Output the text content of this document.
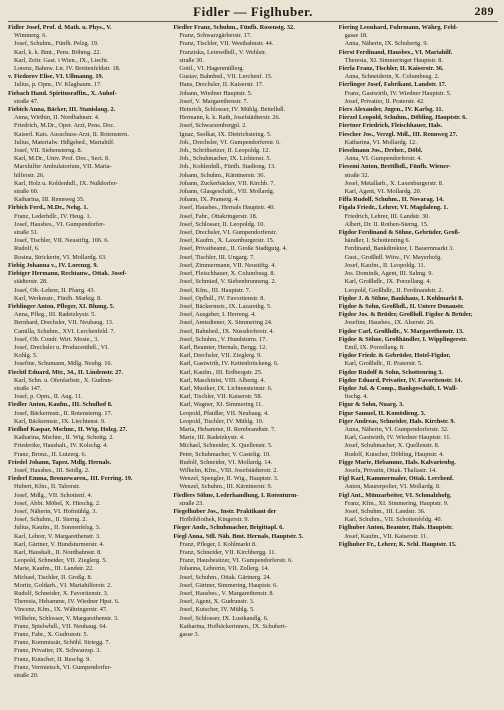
Fidler — Figlhuber.	289
Fidler Josef, Prof. d. Math. u. Phys., V.
Wimmerg. 6.
Josef, Schuhm., Fünfh. Pelzg. 19.
Karl, k. k. Bmt., Pens. Böhmg. 22.
Karl, Zeitr. Gast. i Wien., IX., Liecht.
Lorenz, Bahnw. Ltr. IV. Breitenfeldstr. 18.
v. Fiedorov Elise, VI. Ullmanng. 19.
Julius, p. Opm., IV. Klagbaum. 17.
Fiebach Hand. Spiritusraffin., X. Auhof-
straße 47.
Fiebich Anna, Bäcker, III. Stanislaug. 2.
Anna, Wirthin, II. Nordbahnstr. 4.
Friedrich, M.Dr., Oper. Arzt, Pens. Doc.
Kaiserl. Kais. Ausschuss-Arzt, II. Rotenstern.
Julius, Materialw. Hdlgsbed., Mariahilf.
Josef, VII. Siebensterng. 8.
Karl, M.Dr., Univ. Prof. Doc., Sect. 8.
Marxhilfer Ambulatorium, VII. Maria-
hilferstr. 26.
Karl, Holz u. Kohlenhdl., IX. Nußdorfer-
straße 60.
Katharina, III. Rennweg 35.
Firbich Ferd., M.Dr., Nehg. 1.
Franz, Lederhdlr., IV. Heug. 1.
Josef, Hausbes., VI. Gumpendorfer-
straße 51.
Josef, Tischler, VII. Neustiftg. 106. 6.
Rudolf, 6.
Rosina, Strickerin, VI. Mollardg. 63.
Fiebig Johanna v., IV. Lorenzg. 9.
Fiebiger Hermann, Rechtanw., Ottak. Josef-
städterstr. 28.
Josef, Ob.-Lehrer, II. Pfarrg. 43.
Karl, Werkmstr., Fünfh. Marktg. 8.
Fieblinger Anton, Pfleger, XI. Blumg. 5.
Anna, Pfleg., III. Radetzkystr. 5.
Bernhard, Drechsler, VII. Neubaug. 13.
Camilla, Schuhm., XVI. Lerchenfeld. 7.
Josef, Ob. Condr. Wirt. Moste., 3.
Josef, Drechsler u. Producenthdl., VI.
Kohlg. 5.
Josefine, Schumann, Mdlg. Neubg. 10.
Fiechtl Eduard, Mtr., 34., II. Lindenstr. 27.
Karl, Schn. u. Ofenfarbstr., X. Gudrun-
straße 147.
Josef, p. Opm., II. Aug. 11.
Fiedler Anton, Kaufm., III. Schulhof 8.
Josef, Bäckermstr., II. Rotensterng. 17.
Karl, Bäckermstr., IX. Liechtenst. 9.
Fiedhof Kaspar, Mschnr., II. Wtg. Holzg. 27.
Katharina, Mschnr., II. Wtg. Schottg. 2.
Friederike, Haushalt., IV. Kolschg. 4.
Franz, Bronz., II. Lutzerg. 6.
Friedel Johann, Tapez. Mdlg. Hernals.
Josef, Hausbes., III. Seidlg. 2.
Fiederl Emma, Bronzewaren., III. Ferring. 19.
Hubert, Kfm., II. Taborstr.
Josef, Mdlg., VII. Schottenf. 4.
Josef, Abbt. Möbel, X. Hirschg. 2.
Josef, Näherin, VI. Hofmühlg. 3.
Josef, Schuhm., II. Sterng. 2.
Julius, Kaufm., II. Sonnenfelsg. 3.
Karl, Lehrer, V. Margarethenstr. 3.
Karl, Gärtner, V. Hundsturmerstr. 4.
Karl, Haushalt., II. Nordbahnstr. 8.
Leopold, Schneider, VII. Zieglerg. 5.
Marie, Kaufm., III. Landstr. 22.
Michael, Tischler, II. Großg. 8.
Moritz, Goldarb., VI. Mariahilferstr. 2.
Rudolf, Schneider, X. Favoritenstr. 3.
Theresia, Hebamme, IV. Wiedner Hpst. 6.
Vincenz, Kfm., IX. Währingerstr. 47.
Wilhelm, Schlosser, V. Margarethenstr. 3.
Franz, Spielwhdl., VII. Neubaug. 64.
Franz, Fabr., X. Gudrunstr. 5.
Franz, Kommissär, Schöhl. Striegg. 7.
Franz, Privatier, IX. Schwarzsp. 3.
Franz, Kutscher, II. Reschg. 9.
Franz, Vermietsch, VI. Gumpendorfer-
straße 20.
Fiedler Franz, Schuhm., Fünfh. Rosenstg. 32.
Franz, Schwarzgärberstr. 17.
Franz, Tischler, VII. Westbahnstr. 44.
Franziska, Leinwdhdl., V. Wehlstr.
straße 30.
Gottl., VI. Hagenmüllerg.
Gustav, Bahnbed., VII. Lerchenf. 15.
Hans, Drechsler, II. Kaiserstr. 17.
Johann, Wiedner Hauptstr. 5.
Josef, V. Margarethenstr. 7.
Heinrich, Schlosser, IV. Mühlg. Bettelhdl.
Hermann, k. k. Rath, Josefstädterstr. 26.
Josef, Schwarzenbergpl. 2.
Ignaz, Ssolkat, IX. Dietrichsteing. 5.
Joh., Drechsler, VI. Gumpendorferstr. 6.
Joh., Schriftsetzer, II. Leopoldg. 12.
Joh., Schuhmacher, IX. Lichtenst. 5.
Joh., Kohlenhdl., Fünfh. Stadiong. 13.
Johann, Schuhm., Kärntnerstr. 36.
Johann, Zuckerbäcker, VII. Kirchb. 7.
Johann, Glasgeschäft., VII. Mollardg.
Johann, IX. Pramerg. 4.
Josef, Hausbes., Hernals Hauptstr. 40.
Josef, Fabr., Ottakringerstr. 18.
Josef, Schlosser, II. Leopoldg. 10.
Josef, Drechsler, VI. Gumpendorferstr.
Josef, Kaufm., X. Laxenburgerstr. 15.
Josef, Privatbeamt., II. Große Stadtgutg. 4.
Josef, Tischler, III. Ungarg. 7.
Josef, Zimmermann, VII. Neustiftg. 4.
Josef, Fleischhauer, X. Columbusg. 8.
Josef, Schmied, V. Siebenbrunneng. 2.
Josef, Kfm., III. Hauptstr. 7.
Josef, Opfhdl., IV. Favoritenstr. 8.
Josef, Bäckermstr., IX. Lazarethg. 5.
Josef, Ausgeher, I. Herreng. 4.
Josef, Amtsdiener, X. Simmering 24.
Josef, Bahnbed., IX. Nussdorferstr. 4.
Josef, Schuhm., V. Hundsturm. 17.
Karl, Beamter, Hernals, Bergg. 12.
Karl, Drechsler, VII. Zieglerg. 9.
Karl, Gastwirth, IV. Kettenbrückeng. 6.
Karl, Kaufm., III. Erdbergstr. 25.
Karl, Maschinist, VIII. Albertg. 4.
Karl, Musiker, IX. Lichtensteinstr. 6.
Karl, Tischler, VII. Kaiserstr. 58.
Karl, Wagner, XI. Simmering 11.
Leopold, Pfaidler, VII. Neubaug. 4.
Leopold, Tischler, IV. Mühlg. 10.
Maria, Hebamme, II. Rembrandtstr. 7.
Marie, III. Radetzkystr. 4.
Michael, Schneider, X. Quellenstr. 5.
Peter, Schuhmacher, V. Castelig. 10.
Rudolf, Schneider, VI. Mollardg. 14.
Wilhelm, Kfm., VIII. Josefstädterstr. 2.
Wenzel, Spengler, II. Wtg., Hauptstr. 3.
Wenzel, Schuhm., III. Kärntnerstr. 9.
Fiedlers Söhne, Lederhandlung, I. Rotenturm-
straße 23.
Fiegelhuber Jos., Instr. Praktikant der
Hofbibliothek, Kingerstr. 9.
Fieger Andr., Schuhmacher, Brigittapl. 6.
Fiegl Anna, Stll. Näh. Bmt. Hernals, Hauptstr. 5.
Franz, Pfleger, I. Kohlmarkt 8.
Franz, Schneider, VII. Kirchbergg. 11.
Franz, Hausbesitzer, VI. Gumpendorferstr. 6.
Johanna, Lehrerin, VII. Zollerg. 14.
Josef, Schuhm., Ottak. Gärtnerg. 24.
Josef, Gärtner, Simmering, Hauptstr. 6.
Josef, Hausbes., V. Margarethenstr. 8.
Josef, Agent, X. Gudrunstr. 3.
Josef, Kutscher, IV. Mühlg. 5.
Josef, Schlosser, IX. Lustkandlg. 6.
Katharina, Hofbäckerinnen., IX. Schubert-
gasse 3.
Fiering Leonhard, Fuhrmann, Währg. Feld-
gasse 18.
Anna, Näherin, IX. Schubertg. 9.
Fierst Ferdinand, Hausbes., VI. Mariahilf.
Theresia, XI. Simmeringer Hauptstr. 8.
Fierla Franz, Tischler, II. Kaiserstr. 36.
Anna, Schneiderin, X. Columbusg. 2.
Fierlinger Josef, Fabrikant, Landstr. 17.
Franz, Gastwirth, IV. Wiedner Hauptstr. 5.
Josef, Privatier, II. Praterstr. 42.
Fiers Alexander, Jngen., IV. Karlsg. 11.
Fierzel Leopold, Schuhm., Döbling, Hauptstr. 6.
Fiertner Friedrich, Fleischhauer, Hals.
Fiescher Jos., Verzgl. Mdl., III. Rennweg 27.
Katharina, VI. Mollardg. 12.
Fieselmann Jos., Dreher., Döbl.
Anna, VI. Gumpendorferstr. 4.
Fiesemi Anton, Brettlhdl., Fünfh. Wiener-
straße 32.
Josef, Metallarb., X. Laxenburgerstr. 8.
Karl, Agent, VI. Mollardg. 20.
Fiffa Rudolf, Schuhm., II. Novarag. 14.
Figala Friedr., Lehrer, VI. Magdaleng. 1.
Friedrich, Lehrer, III. Landstr. 30.
Albert, Dr. II. Rothen-Sterng. 15.
Figdor Ferdinand & Söhne, Gebrüder, Groß-
händler, I. Schottenring 6.
Ferdinand, Bankdirektor, I. Bauernmarkt 3.
Gust., Großhdl. Witw., IV. Mayerhofg.
Josef, Kaufm., II. Leopoldg. 11.
Jos. Dominik, Agent, III. Salmg. 9.
Karl, Großhdlr., IX. Porzellang. 4.
Leopold, Großhdlr., II. Ferdinandstr. 2.
Figdor J. & Söhne, Bankhaus, I. Kohlmarkt 8.
Figdor & Sohn, Großhdl., II. Untere Donaustr.
Figdor Jos. & Brüder, Großhdl. Figdor & Brüder,
Josefine, Hausbes., IX. Alserstr. 26.
Figdor Carl, Großhdlr., V. Margarethenstr. 13.
Figdor & Söhne, Großhändler, I. Wipplingerstr.
Emil, IX. Porzellang. 8.
Figdor Friedr. & Gebrüder, Hotel-Figdor,
Karl, Großhdlr., II. Praterstr. 5.
Figdor Rudolf & Sohn, Schottenring 3.
Figdor Eduard, Privatier, IV. Favoritenstr. 14.
Figdor Jul. & Comp., Bankgeschäft, I. Wall-
fischg. 4.
Figur & Sohn, Nuarg. 3.
Figur Samuel, II. Komödieng. 3.
Figer Andreas, Schneider, Hals. Kirchstr. 9.
Anna, Näherin, VI. Gumpendorferstr. 32.
Karl, Gastwirth, IV. Wiedner Hauptstr. 11.
Josef, Schuhmacher, X. Quellenstr. 8.
Rudolf, Kutscher, Döbling, Hauptstr. 4.
Figge Marie, Hebamme, Hals. Kalvarienbg.
Josefa, Privatin, Ottak. Thaliastr. 14.
Figl Karl, Kammermaler, Ottak. Lerchenf.
Anton, Maurerpolier, VI. Mollardg. 8.
Figl Ant., Münzarbeiter, VI. Schmalzhofg.
Franz, Kfm., XI. Simmering, Hauptstr. 9.
Josef, Schuhm., III. Landstr. 36.
Karl, Schuhm., VII. Schottenfeldg. 40.
Figlhuber Anton, Beamter, Hals. Hauptstr.
Josef, Kaufm., VII. Kaiserstr. 11.
Figlhuber Fr., Lehrer, K. Schl. Hauptstr. 15.
